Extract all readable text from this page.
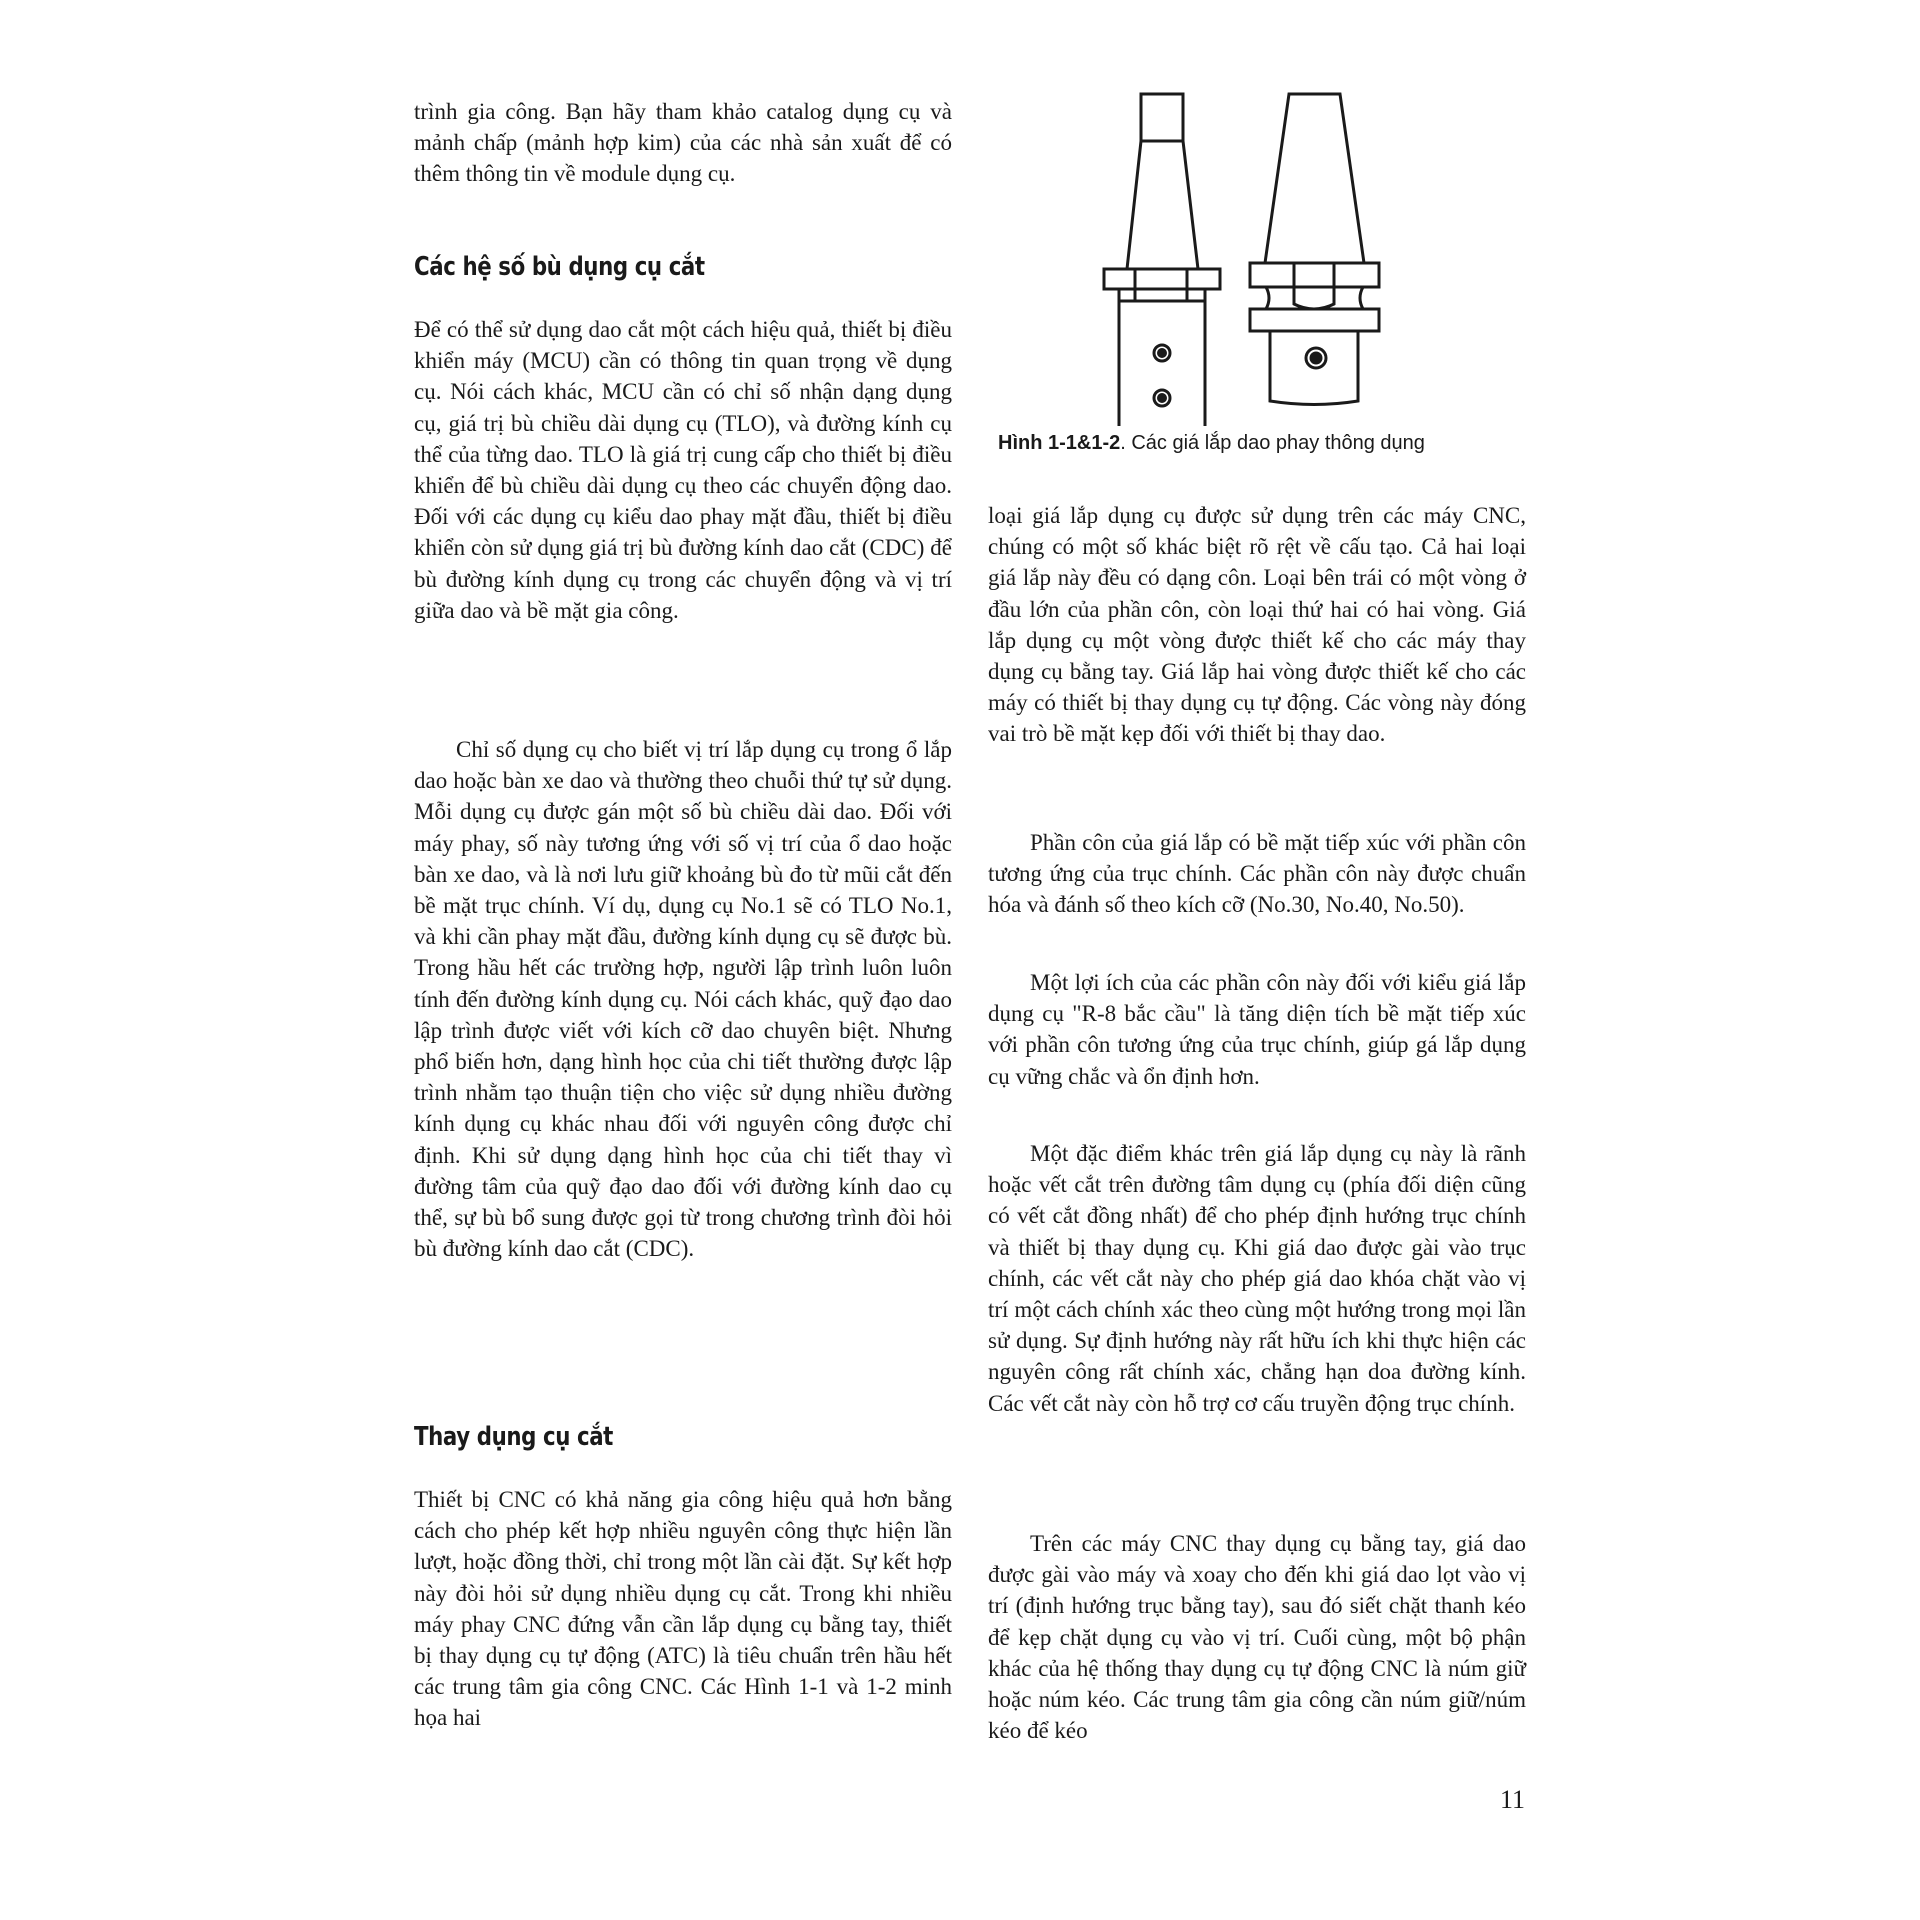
trình gia công. Bạn hãy tham khảo catalog dụng cụ và mảnh chấp (mảnh hợp kim) của các nhà sản xuất để có thêm thông tin về module dụng cụ.

Các hệ số bù dụng cụ cắt

Để có thể sử dụng dao cắt một cách hiệu quả, thiết bị điều khiển máy (MCU) cần có thông tin quan trọng về dụng cụ. Nói cách khác, MCU cần có chỉ số nhận dạng dụng cụ, giá trị bù chiều dài dụng cụ (TLO), và đường kính cụ thể của từng dao. TLO là giá trị cung cấp cho thiết bị điều khiển để bù chiều dài dụng cụ theo các chuyển động dao. Đối với các dụng cụ kiểu dao phay mặt đầu, thiết bị điều khiển còn sử dụng giá trị bù đường kính dao cắt (CDC) để bù đường kính dụng cụ trong các chuyển động và vị trí giữa dao và bề mặt gia công.

Chỉ số dụng cụ cho biết vị trí lắp dụng cụ trong ổ lắp dao hoặc bàn xe dao và thường theo chuỗi thứ tự sử dụng. Mỗi dụng cụ được gán một số bù chiều dài dao. Đối với máy phay, số này tương ứng với số vị trí của ổ dao hoặc bàn xe dao, và là nơi lưu giữ khoảng bù đo từ mũi cắt đến bề mặt trục chính. Ví dụ, dụng cụ No.1 sẽ có TLO No.1, và khi cần phay mặt đầu, đường kính dụng cụ sẽ được bù. Trong hầu hết các trường hợp, người lập trình luôn luôn tính đến đường kính dụng cụ. Nói cách khác, quỹ đạo dao lập trình được viết với kích cỡ dao chuyên biệt. Nhưng phổ biến hơn, dạng hình học của chi tiết thường được lập trình nhằm tạo thuận tiện cho việc sử dụng nhiều đường kính dụng cụ khác nhau đối với nguyên công được chỉ định. Khi sử dụng dạng hình học của chi tiết thay vì đường tâm của quỹ đạo dao đối với đường kính dao cụ thể, sự bù bổ sung được gọi từ trong chương trình đòi hỏi bù đường kính dao cắt (CDC).

Thay dụng cụ cắt

Thiết bị CNC có khả năng gia công hiệu quả hơn bằng cách cho phép kết hợp nhiều nguyên công thực hiện lần lượt, hoặc đồng thời, chỉ trong một lần cài đặt. Sự kết hợp này đòi hỏi sử dụng nhiều dụng cụ cắt. Trong khi nhiều máy phay CNC đứng vẫn cần lắp dụng cụ bằng tay, thiết bị thay dụng cụ tự động (ATC) là tiêu chuẩn trên hầu hết các trung tâm gia công CNC. Các Hình 1-1 và 1-2 minh họa hai

Hình 1-1&1-2. Các giá lắp dao phay thông dụng

loại giá lắp dụng cụ được sử dụng trên các máy CNC, chúng có một số khác biệt rõ rệt về cấu tạo. Cả hai loại giá lắp này đều có dạng côn. Loại bên trái có một vòng ở đầu lớn của phần côn, còn loại thứ hai có hai vòng. Giá lắp dụng cụ một vòng được thiết kế cho các máy thay dụng cụ bằng tay. Giá lắp hai vòng được thiết kế cho các máy có thiết bị thay dụng cụ tự động. Các vòng này đóng vai trò bề mặt kẹp đối với thiết bị thay dao.

Phần côn của giá lắp có bề mặt tiếp xúc với phần côn tương ứng của trục chính. Các phần côn này được chuẩn hóa và đánh số theo kích cỡ (No.30, No.40, No.50).

Một lợi ích của các phần côn này đối với kiểu giá lắp dụng cụ "R-8 bắc cầu" là tăng diện tích bề mặt tiếp xúc với phần côn tương ứng của trục chính, giúp gá lắp dụng cụ vững chắc và ổn định hơn.

Một đặc điểm khác trên giá lắp dụng cụ này là rãnh hoặc vết cắt trên đường tâm dụng cụ (phía đối diện cũng có vết cắt đồng nhất) để cho phép định hướng trục chính và thiết bị thay dụng cụ. Khi giá dao được gài vào trục chính, các vết cắt này cho phép giá dao khóa chặt vào vị trí một cách chính xác theo cùng một hướng trong mọi lần sử dụng. Sự định hướng này rất hữu ích khi thực hiện các nguyên công rất chính xác, chẳng hạn doa đường kính. Các vết cắt này còn hỗ trợ cơ cấu truyền động trục chính.

Trên các máy CNC thay dụng cụ bằng tay, giá dao được gài vào máy và xoay cho đến khi giá dao lọt vào vị trí (định hướng trục bằng tay), sau đó siết chặt thanh kéo để kẹp chặt dụng cụ vào vị trí. Cuối cùng, một bộ phận khác của hệ thống thay dụng cụ tự động CNC là núm giữ hoặc núm kéo. Các trung tâm gia công cần núm giữ/núm kéo để kéo

11
